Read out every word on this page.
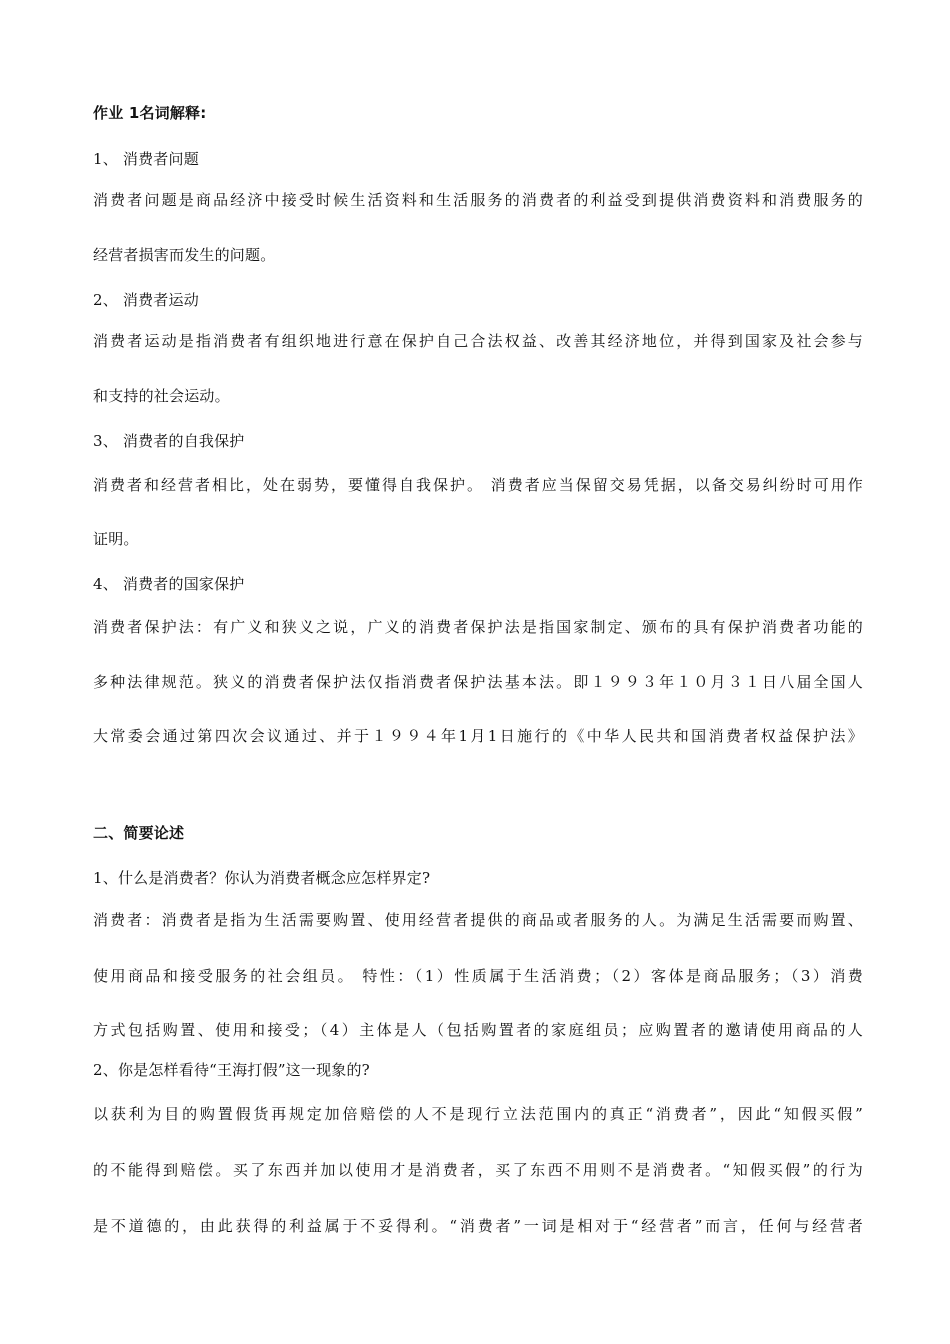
作业 1名词解释:
1、 消费者问题
消费者问题是商品经济中接受时候生活资料和生活服务的消费者的利益受到提供消费资料和消费服务的
经营者损害而发生的问题。
2、 消费者运动
消费者运动是指消费者有组织地进行意在保护自己合法权益、改善其经济地位，并得到国家及社会参与
和支持的社会运动。
3、 消费者的自我保护
消费者和经营者相比，处在弱势，要懂得自我保护。 消费者应当保留交易凭据，以备交易纠纷时可用作
证明。
4、 消费者的国家保护
消费者保护法：有广义和狭义之说，广义的消费者保护法是指国家制定、颁布的具有保护消费者功能的
多种法律规范。狭义的消费者保护法仅指消费者保护法基本法。即１９９３年１０月３１日八届全国人
大常委会通过第四次会议通过、并于１９９４年1月1日施行的《中华人民共和国消费者权益保护法》
二、简要论述
1、什么是消费者？你认为消费者概念应怎样界定?
消费者：消费者是指为生活需要购置、使用经营者提供的商品或者服务的人。为满足生活需要而购置、
使用商品和接受服务的社会组员。 特性：（1）性质属于生活消费；（2）客体是商品服务；（3）消费
方式包括购置、使用和接受；（4）主体是人（包括购置者的家庭组员；应购置者的邀请使用商品的人
2、你是怎样看待“王海打假”这一现象的?
以获利为目的购置假货再规定加倍赔偿的人不是现行立法范围内的真正“消费者”，因此“知假买假”
的不能得到赔偿。买了东西并加以使用才是消费者，买了东西不用则不是消费者。“知假买假”的行为
是不道德的，由此获得的利益属于不妥得利。“消费者”一词是相对于“经营者”而言，任何与经营者
